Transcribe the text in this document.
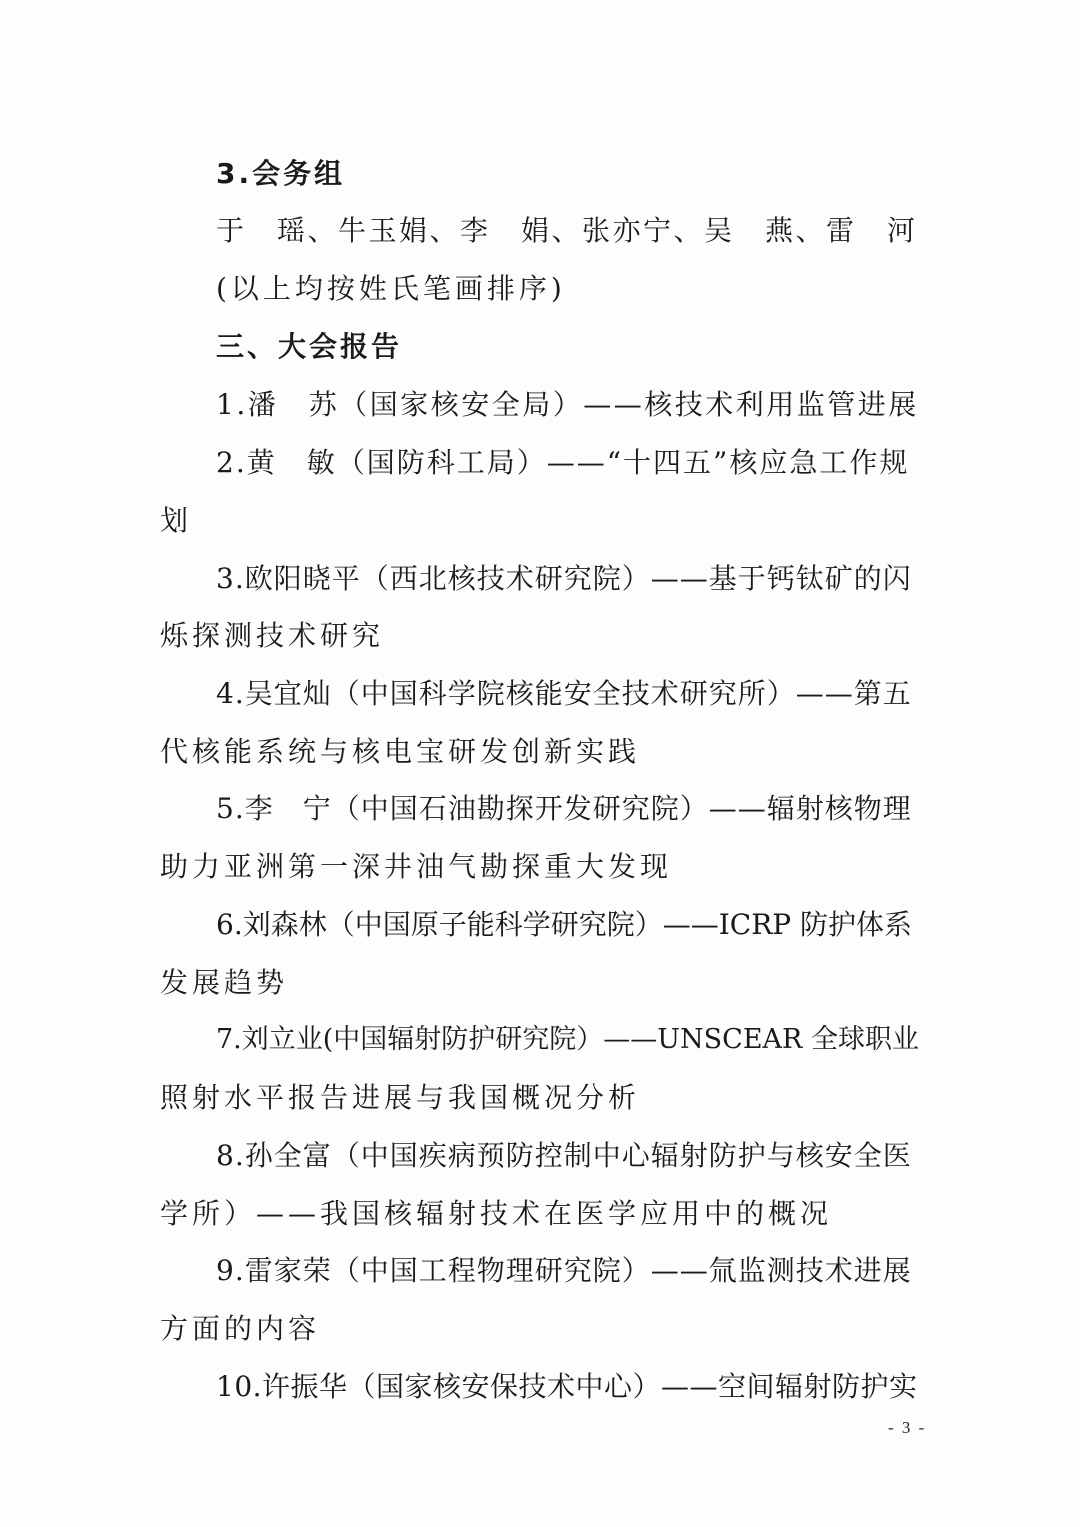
3.会务组
于　瑶、牛玉娟、李　娟、张亦宁、吴　燕、雷　河
(以上均按姓氏笔画排序)
三、大会报告
1.潘　苏（国家核安全局）——核技术利用监管进展
2.黄　敏（国防科工局）——“十四五”核应急工作规
划
3.欧阳晓平（西北核技术研究院）——基于钙钛矿的闪
烁探测技术研究
4.吴宜灿（中国科学院核能安全技术研究所）——第五
代核能系统与核电宝研发创新实践
5.李　宁（中国石油勘探开发研究院）——辐射核物理
助力亚洲第一深井油气勘探重大发现
6.刘森林（中国原子能科学研究院）——ICRP 防护体系
发展趋势
7.刘立业(中国辐射防护研究院）——UNSCEAR 全球职业
照射水平报告进展与我国概况分析
8.孙全富（中国疾病预防控制中心辐射防护与核安全医
学所）——我国核辐射技术在医学应用中的概况
9.雷家荣（中国工程物理研究院）——氚监测技术进展
方面的内容
10.许振华（国家核安保技术中心）——空间辐射防护实
- 3 -
